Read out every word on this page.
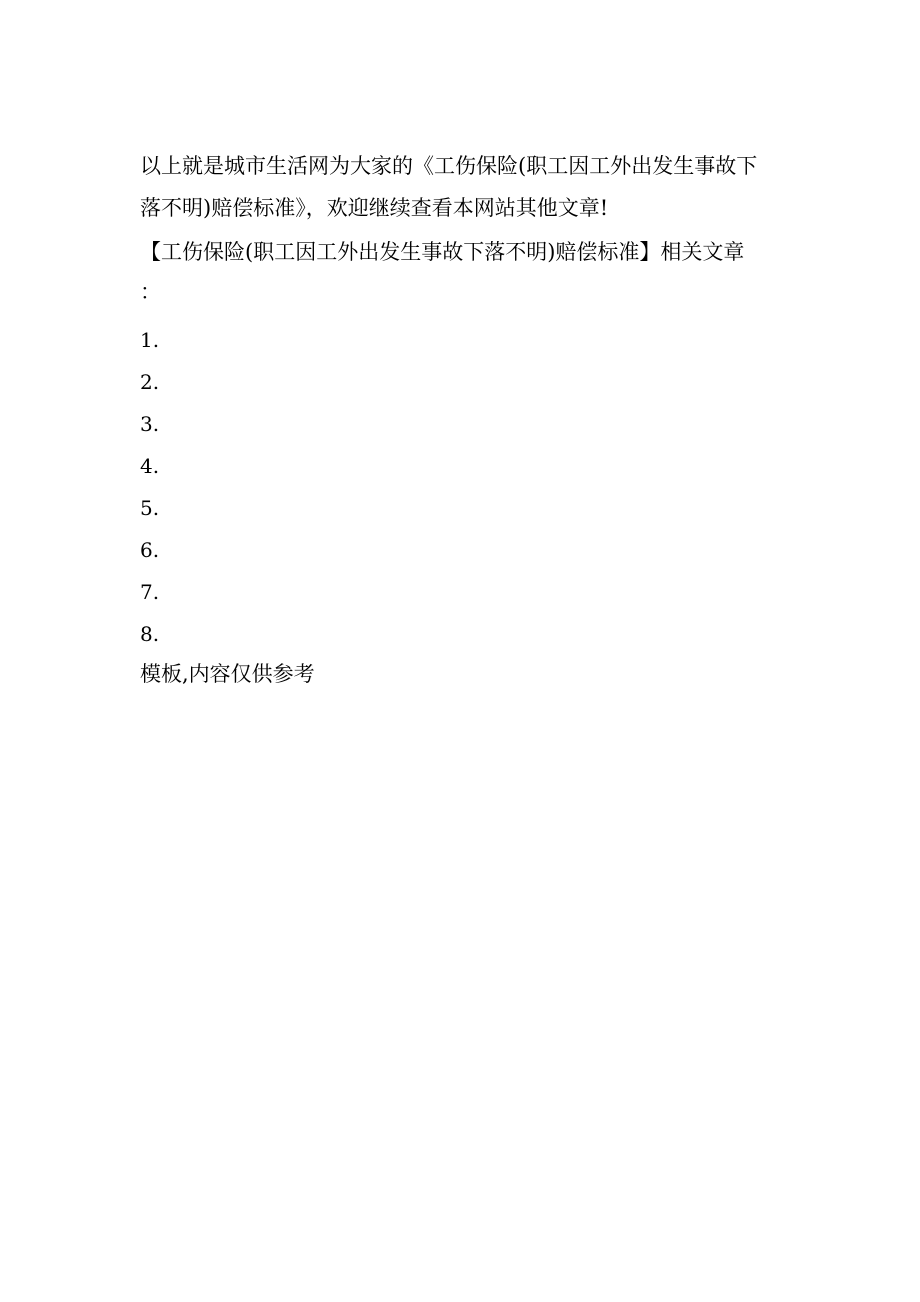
以上就是城市生活网为大家的《工伤保险(职工因工外出发生事故下
落不明)赔偿标准》，欢迎继续查看本网站其他文章!
【工伤保险(职工因工外出发生事故下落不明)赔偿标准】相关文章
：
1.
2.
3.
4.
5.
6.
7.
8.
模板,内容仅供参考
